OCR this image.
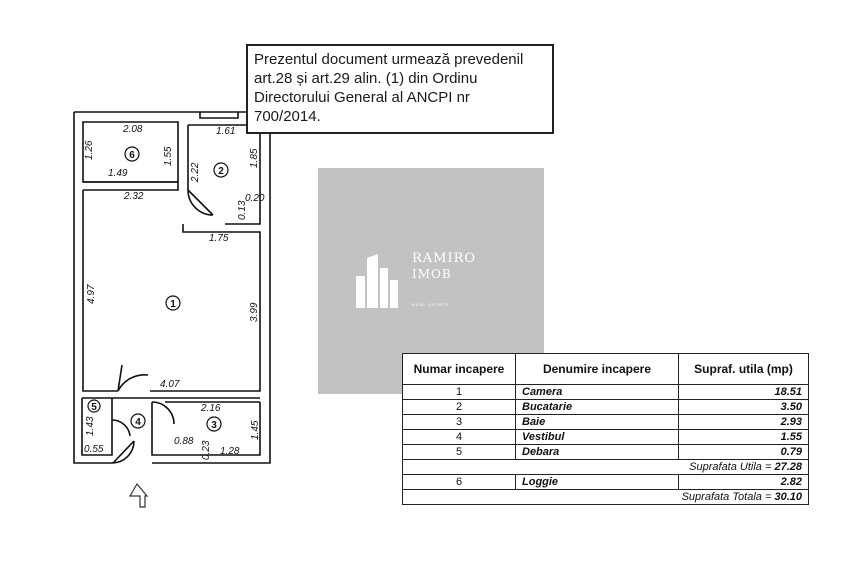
2.08
1.26
1.49
1.55
1.61
2.22
1.85
0.20
0.13
2.32
1.75
4.97
3.99
4.07
1.43
0.55
2.16
0.88
1.28
1.45
0.23
6
2
1
4
5
3
Prezentul document urmează prevedenil
art.28 și art.29 alin. (1) din Ordinu
Directorului General al ANCPI nr
700/2014.
RAMIRO
IMOB
REAL ESTATE
Numar incapere	Denumire incapere	Supraf. utila (mp)
1	Camera	18.51
2	Bucatarie	3.50
3	Baie	2.93
4	Vestibul	1.55
5	Debara	0.79
Suprafata Utila = 27.28		
6	Loggie	2.82
Suprafata Totala = 30.10		
